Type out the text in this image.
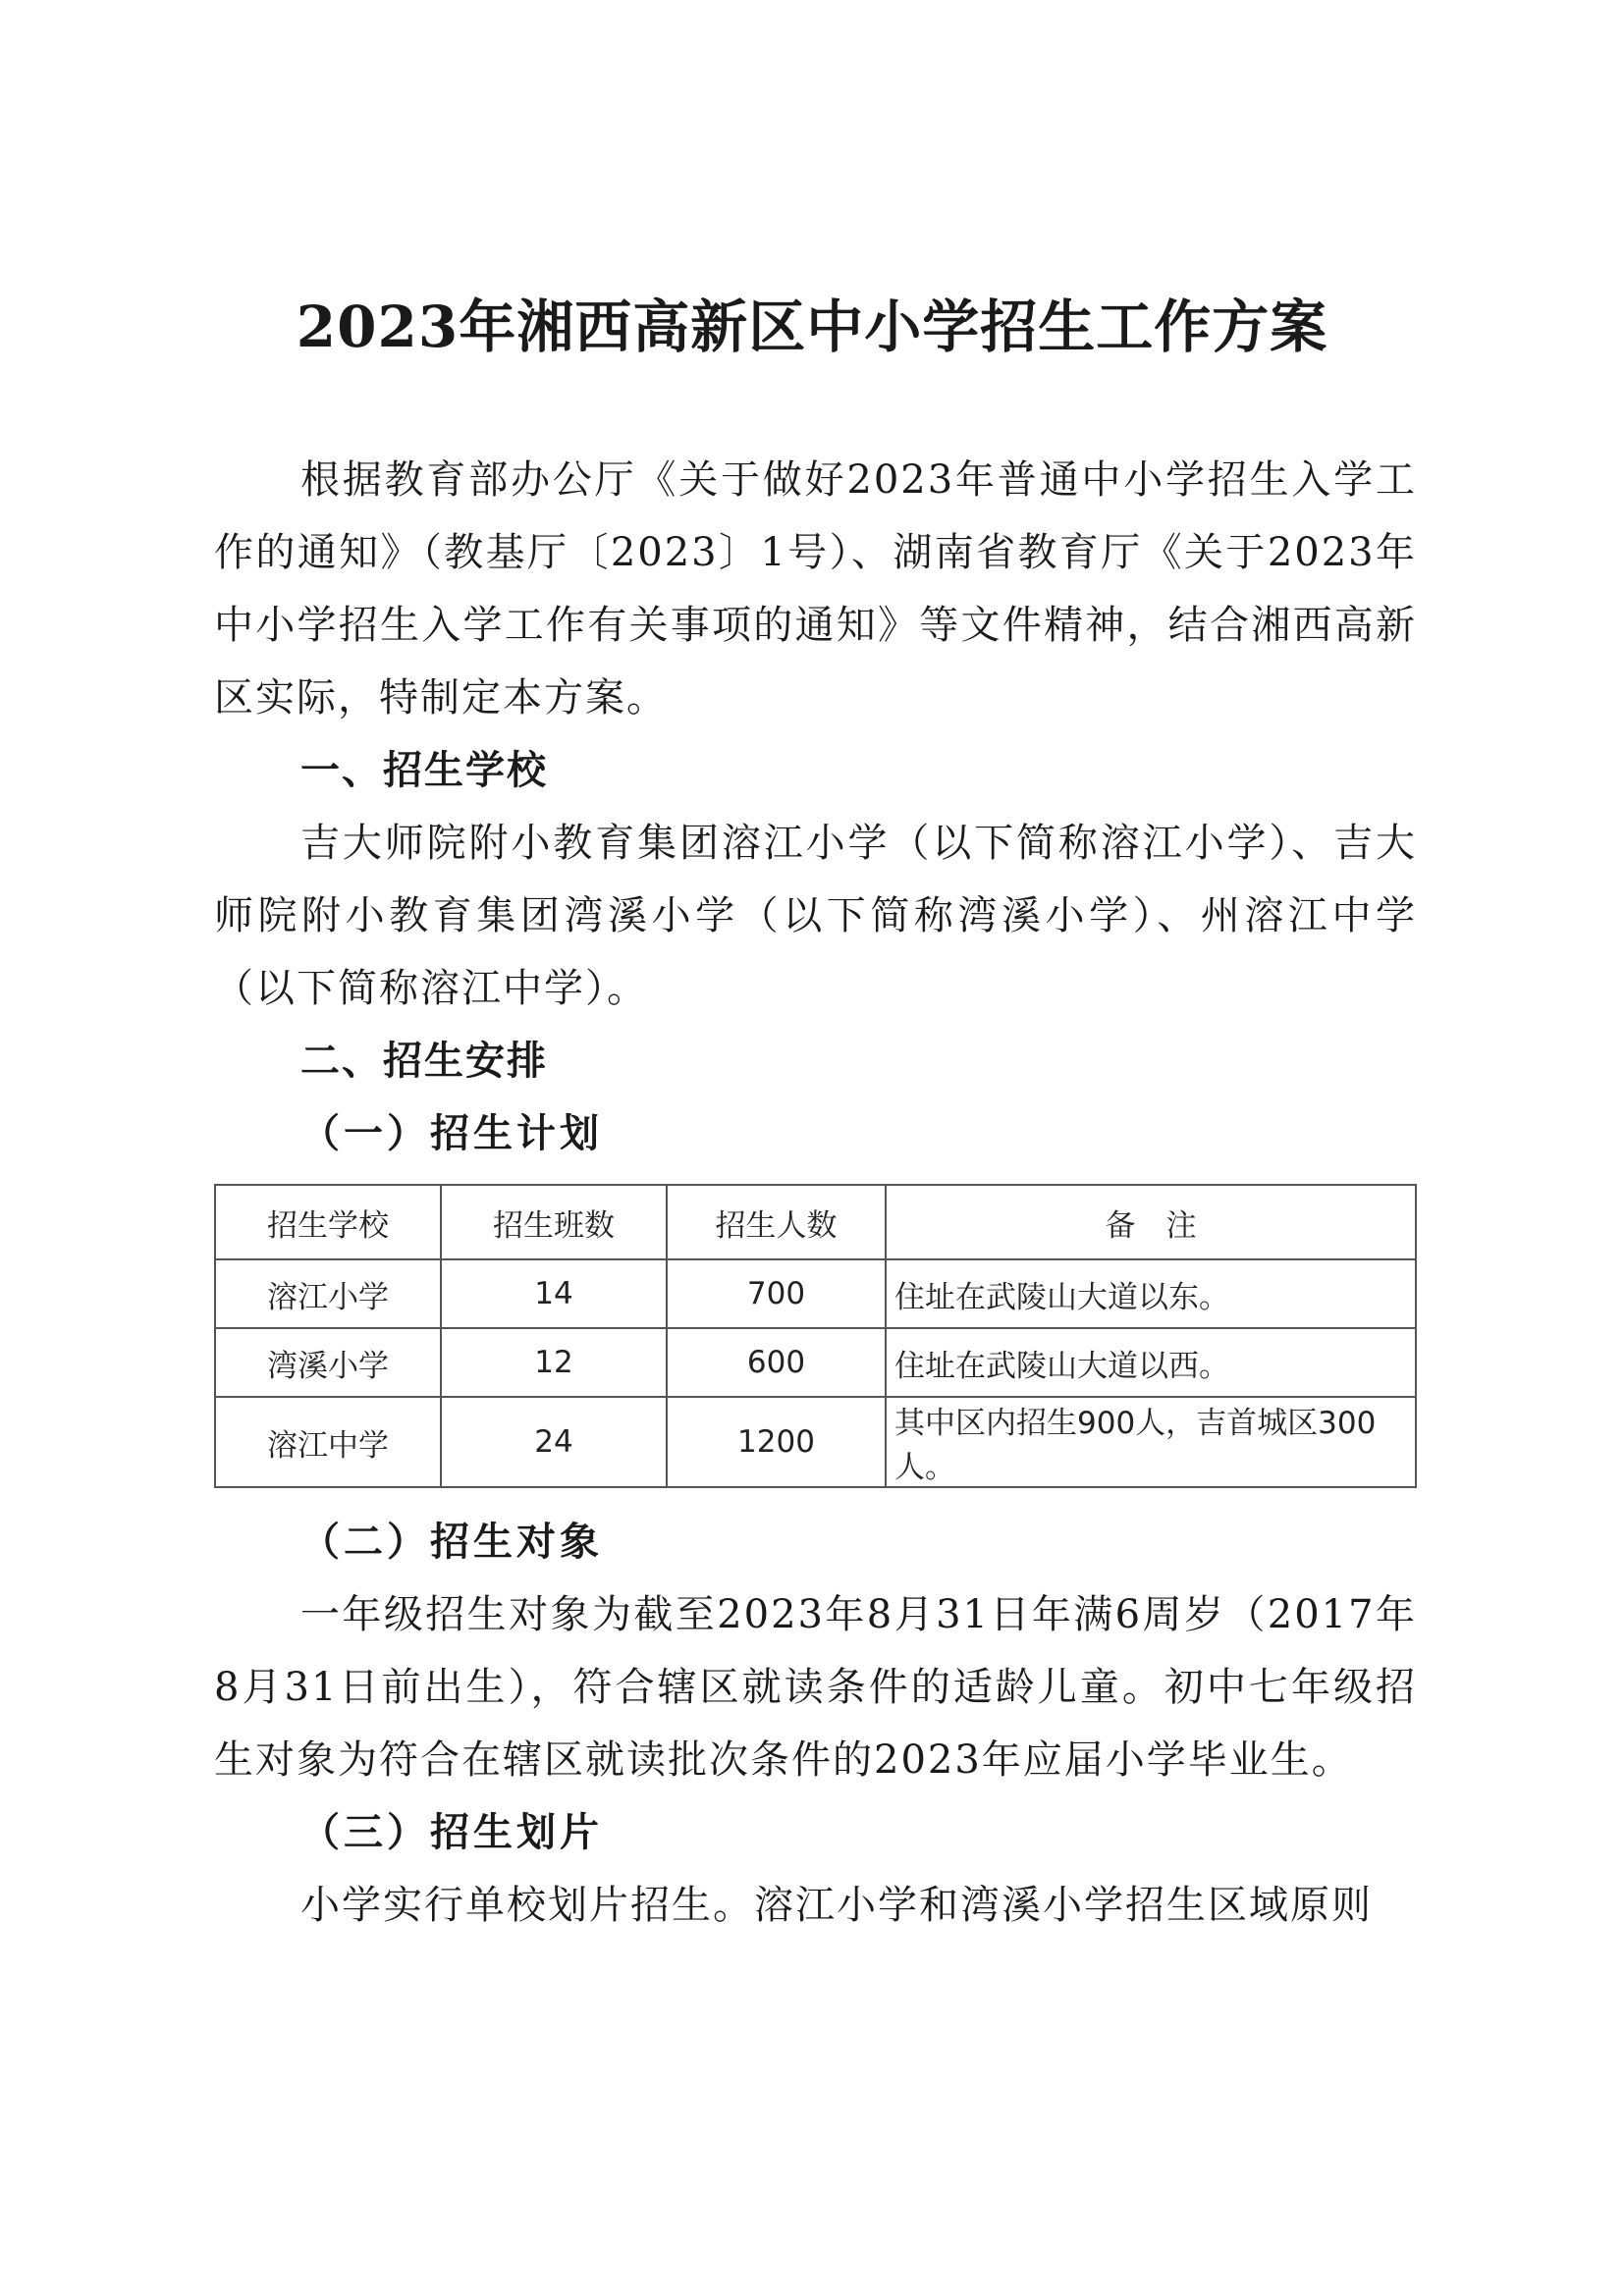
2023年湘西高新区中小学招生工作方案

根据教育部办公厅《关于做好2023年普通中小学招生入学工作的通知》（教基厅〔2023〕1号）、湖南省教育厅《关于2023年中小学招生入学工作有关事项的通知》等文件精神，结合湘西高新区实际，特制定本方案。

一、招生学校

吉大师院附小教育集团溶江小学（以下简称溶江小学）、吉大师院附小教育集团湾溪小学（以下简称湾溪小学）、州溶江中学（以下简称溶江中学）。

二、招生安排

（一）招生计划

招生学校	招生班数	招生人数	备　注
溶江小学	14	700	住址在武陵山大道以东。
湾溪小学	12	600	住址在武陵山大道以西。
溶江中学	24	1200	其中区内招生900人，吉首城区300人。

（二）招生对象

一年级招生对象为截至2023年8月31日年满6周岁（2017年8月31日前出生），符合辖区就读条件的适龄儿童。初中七年级招生对象为符合在辖区就读批次条件的2023年应届小学毕业生。

（三）招生划片

小学实行单校划片招生。溶江小学和湾溪小学招生区域原则
